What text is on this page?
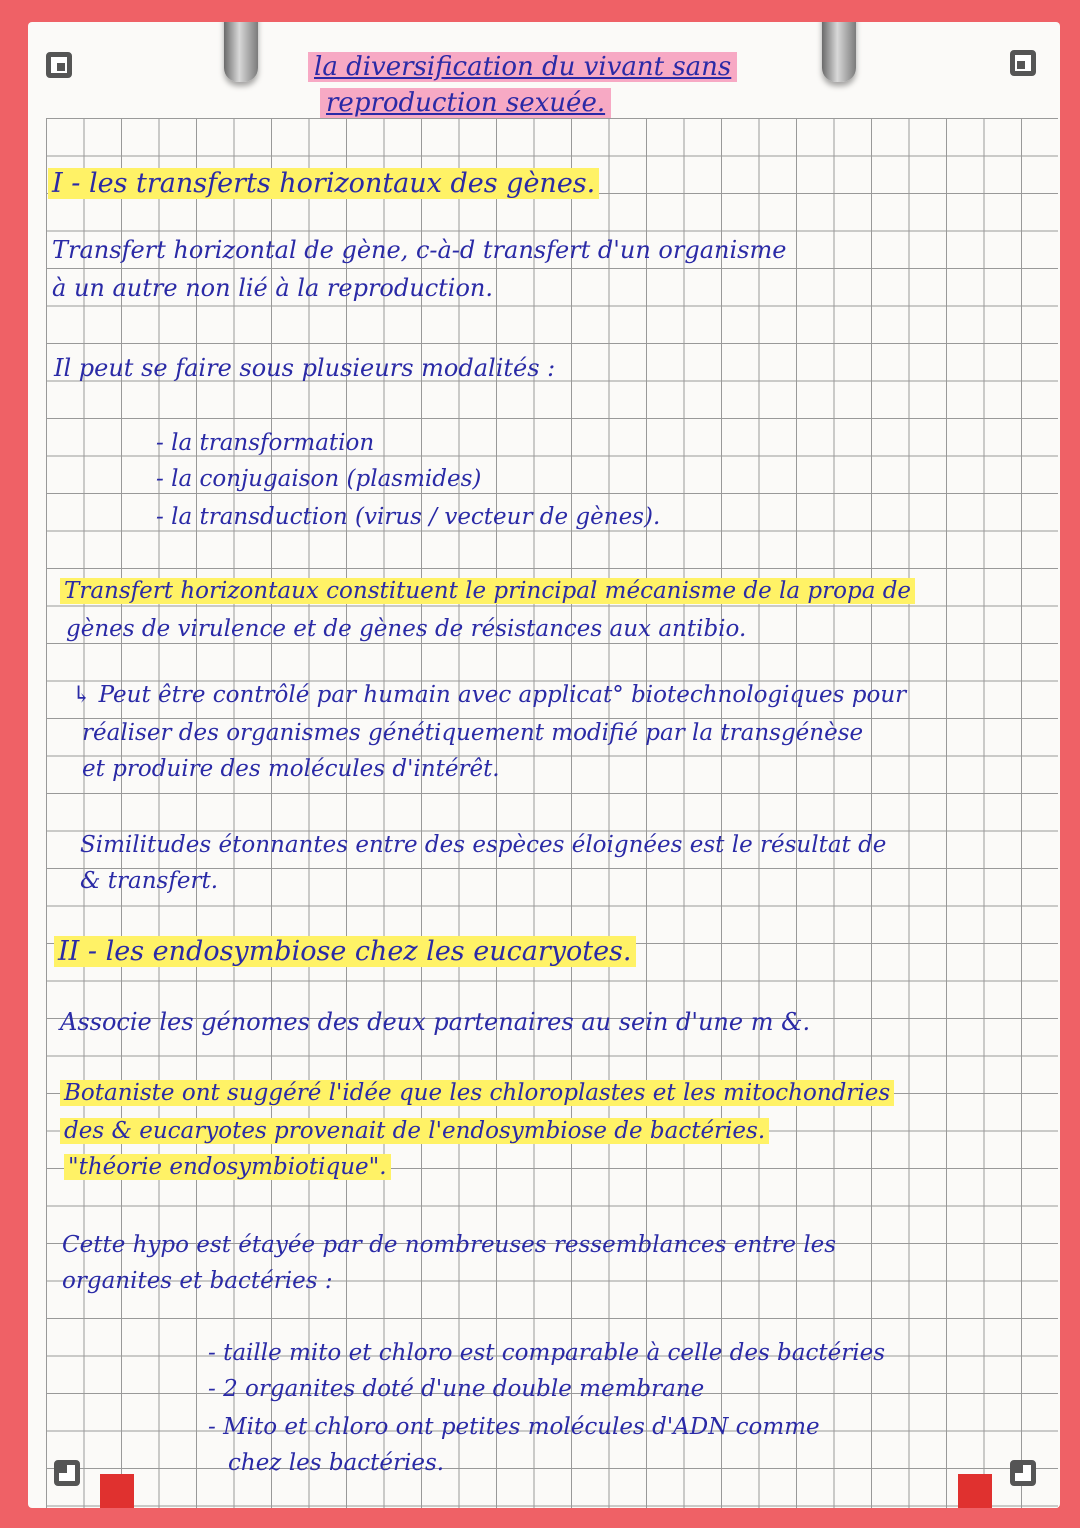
la diversification du vivant sans
reproduction sexuée.
I - les transferts horizontaux des gènes.
Transfert horizontal de gène, c-à-d transfert d'un organisme
à un autre non lié à la reproduction.
Il peut se faire sous plusieurs modalités :
- la transformation
- la conjugaison (plasmides)
- la transduction (virus / vecteur de gènes).
Transfert horizontaux constituent le principal mécanisme de la propa de
gènes de virulence et de gènes de résistances aux antibio.
↳ Peut être contrôlé par humain avec applicat° biotechnologiques pour
réaliser des organismes génétiquement modifié par la transgénèse
et produire des molécules d'intérêt.
Similitudes étonnantes entre des espèces éloignées est le résultat de
& transfert.
II - les endosymbiose chez les eucaryotes.
Associe les génomes des deux partenaires au sein d'une m &.
Botaniste ont suggéré l'idée que les chloroplastes et les mitochondries
des & eucaryotes provenait de l'endosymbiose de bactéries.
"théorie endosymbiotique".
Cette hypo est étayée par de nombreuses ressemblances entre les
organites et bactéries :
- taille mito et chloro est comparable à celle des bactéries
- 2 organites doté d'une double membrane
- Mito et chloro ont petites molécules d'ADN comme
chez les bactéries.
